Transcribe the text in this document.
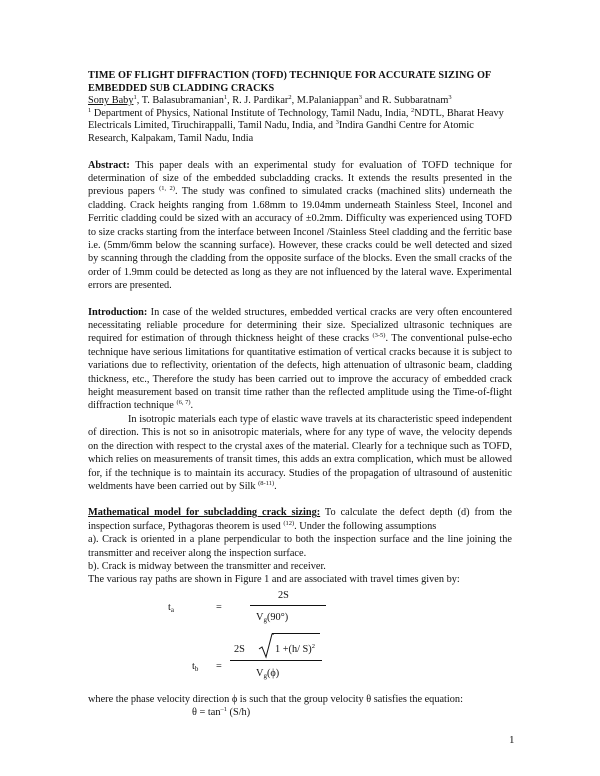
TIME OF FLIGHT DIFFRACTION (TOFD) TECHNIQUE FOR ACCURATE SIZING OF EMBEDDED SUB CLADDING CRACKS
Sony Baby$^1$, T. Balasubramanian$^1$, R. J. Pardikar$^2$, M.Palaniappan$^3$ and R. Subbaratnam$^3$
$^1$ Department of Physics, National Institute of Technology, Tamil Nadu, India, $^2$NDTL, Bharat Heavy Electricals Limited, Tiruchirappalli, Tamil Nadu, India, and $^3$Indira Gandhi Centre for Atomic Research, Kalpakam, Tamil Nadu, India
Abstract: This paper deals with an experimental study for evaluation of TOFD technique for determination of size of the embedded subcladding cracks. It extends the results presented in the previous papers $^{(1, 2)}$. The study was confined to simulated cracks (machined slits) underneath the cladding. Crack heights ranging from 1.68mm to 19.04mm underneath Stainless Steel, Inconel and Ferritic cladding could be sized with an accuracy of ±0.2mm. Difficulty was experienced using TOFD to size cracks starting from the interface between Inconel /Stainless Steel cladding and the ferritic base i.e. (5mm/6mm below the scanning surface). However, these cracks could be well detected and sized by scanning through the cladding from the opposite surface of the blocks. Even the small cracks of the order of 1.9mm could be detected as long as they are not influenced by the lateral wave. Experimental errors are presented.
Introduction: In case of the welded structures, embedded vertical cracks are very often encountered necessitating reliable procedure for determining their size. Specialized ultrasonic techniques are required for estimation of through thickness height of these cracks $^{(3-5)}$. The conventional pulse-echo technique have serious limitations for quantitative estimation of vertical cracks because it is subject to variations due to reflectivity, orientation of the defects, high attenuation of ultrasonic beam, cladding thickness, etc., Therefore the study has been carried out to improve the accuracy of embedded crack height measurement based on transit time rather than the reflected amplitude using the Time-of-flight diffraction technique $^{(6, 7)}$.
In isotropic materials each type of elastic wave travels at its characteristic speed independent of direction. This is not so in anisotropic materials, where for any type of wave, the velocity depends on the direction with respect to the crystal axes of the material. Clearly for a technique such as TOFD, which relies on measurements of transit times, this adds an extra complication, which must be allowed for, if the technique is to maintain its accuracy. Studies of the propagation of ultrasound of austenitic weldments have been carried out by Silk $^{(8-11)}$.
Mathematical model for subcladding crack sizing: To calculate the defect depth (d) from the inspection surface, Pythagoras theorem is used $^{(12)}$. Under the following assumptions
a). Crack is oriented in a plane perpendicular to both the inspection surface and the line joining the transmitter and receiver along the inspection surface.
b). Crack is midway between the transmitter and receiver.
The various ray paths are shown in Figure 1 and are associated with travel times given by:
$t_a$	=
2S
$V_g(90^\circ)$
$t_b$ =
2S	1 +(h/ S)$^2$
$V_g(\phi)$
where the phase velocity direction ϕ is such that the group velocity θ satisfies the equation:
$\theta = \tan^{-1} (S/h)$
1
